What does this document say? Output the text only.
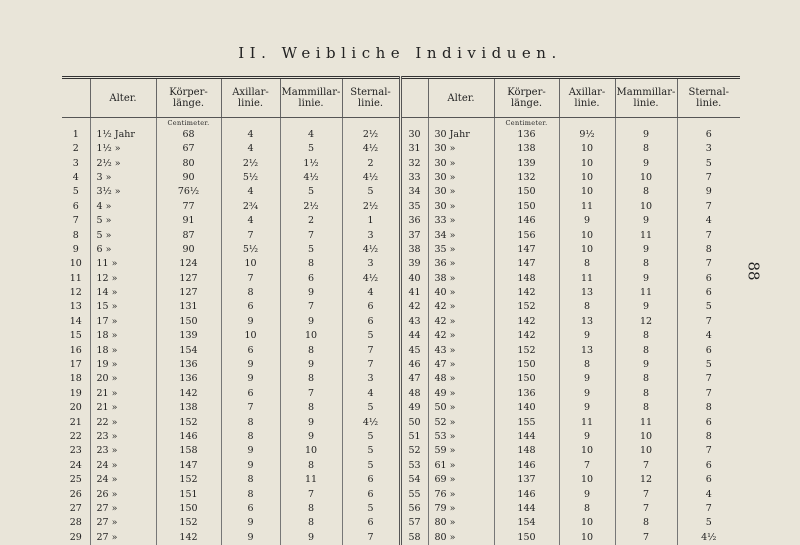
II. Weibliche Individuen.
88
	Alter.	Körper-
länge.	Axillar-
linie.	Mammillar-
linie.	Sternal-
linie.		Alter.	Körper-
länge.	Axillar-
linie.	Mammillar-
linie.	Sternal-
linie.
		Centimeter.						Centimeter.			
1	1½ Jahr	68	4	4	2½	30	30 Jahr	136	9½	9	6
2	1½ »	67	4	5	4½	31	30 »	138	10	8	3
3	2½ »	80	2½	1½	2	32	30 »	139	10	9	5
4	3 »	90	5½	4½	4½	33	30 »	132	10	10	7
5	3½ »	76½	4	5	5	34	30 »	150	10	8	9
6	4 »	77	2¾	2½	2½	35	30 »	150	11	10	7
7	5 »	91	4	2	1	36	33 »	146	9	9	4
8	5 »	87	7	7	3	37	34 »	156	10	11	7
9	6 »	90	5½	5	4½	38	35 »	147	10	9	8
10	11 »	124	10	8	3	39	36 »	147	8	8	7
11	12 »	127	7	6	4½	40	38 »	148	11	9	6
12	14 »	127	8	9	4	41	40 »	142	13	11	6
13	15 »	131	6	7	6	42	42 »	152	8	9	5
14	17 »	150	9	9	6	43	42 »	142	13	12	7
15	18 »	139	10	10	5	44	42 »	142	9	8	4
16	18 »	154	6	8	7	45	43 »	152	13	8	6
17	19 »	136	9	9	7	46	47 »	150	8	9	5
18	20 »	136	9	8	3	47	48 »	150	9	8	7
19	21 »	142	6	7	4	48	49 »	136	9	8	7
20	21 »	138	7	8	5	49	50 »	140	9	8	8
21	22 »	152	8	9	4½	50	52 »	155	11	11	6
22	23 »	146	8	9	5	51	53 »	144	9	10	8
23	23 »	158	9	10	5	52	59 »	148	10	10	7
24	24 »	147	9	8	5	53	61 »	146	7	7	6
25	24 »	152	8	11	6	54	69 »	137	10	12	6
26	26 »	151	8	7	6	55	76 »	146	9	7	4
27	27 »	150	6	8	5	56	79 »	144	8	7	7
28	27 »	152	9	8	6	57	80 »	154	10	8	5
29	27 »	142	9	9	7	58	80 »	150	10	7	4½
